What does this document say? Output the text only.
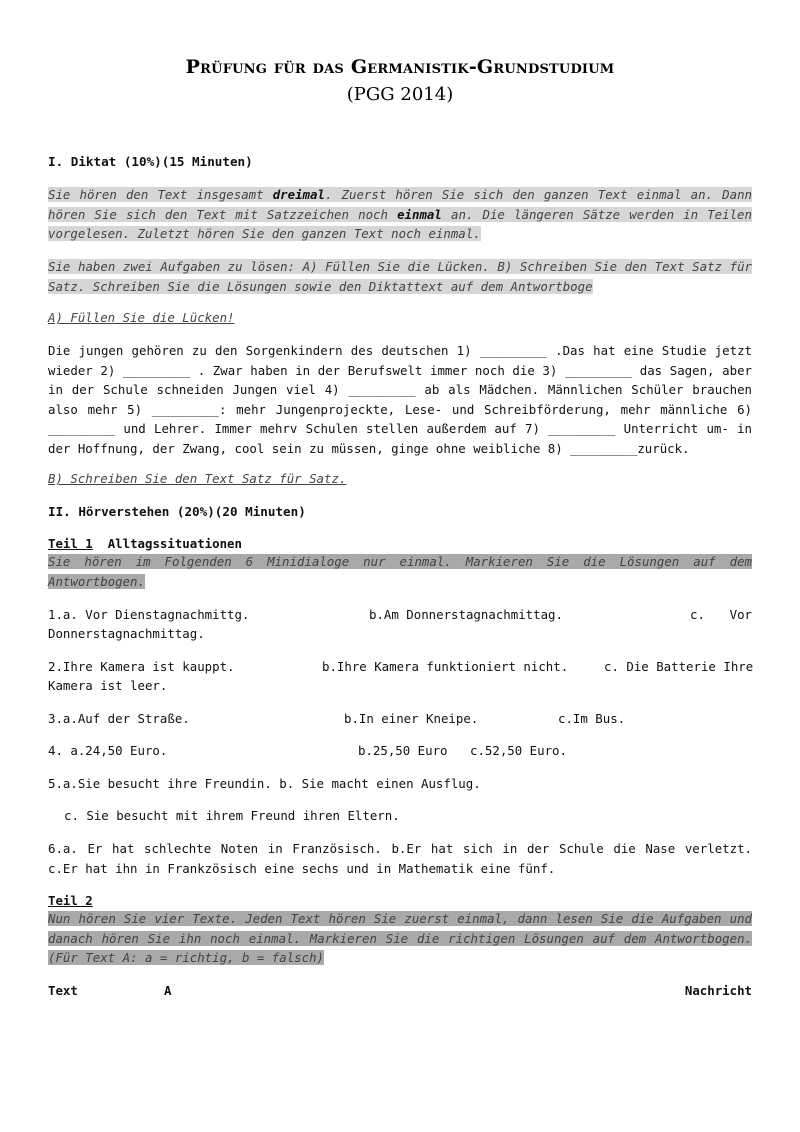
Prüfung für das Germanistik-Grundstudium
(PGG 2014)
I. Diktat (10%)(15 Minuten)
Sie hören den Text insgesamt dreimal. Zuerst hören Sie sich den ganzen Text einmal an. Dann hören Sie sich den Text mit Satzzeichen noch einmal an. Die längeren Sätze werden in Teilen vorgelesen. Zuletzt hören Sie den ganzen Text noch einmal.
Sie haben zwei Aufgaben zu lösen: A) Füllen Sie die Lücken. B) Schreiben Sie den Text Satz für Satz. Schreiben Sie die Lösungen sowie den Diktattext auf dem Antwortboge
A) Füllen Sie die Lücken!
Die jungen gehören zu den Sorgenkindern des deutschen 1) _________ .Das hat eine Studie jetzt wieder 2) _________ . Zwar haben in der Berufswelt immer noch die 3) _________ das Sagen, aber in der Schule schneiden Jungen viel 4) _________ ab als Mädchen. Männlichen Schüler brauchen also mehr 5) _________: mehr Jungenprojeckte, Lese- und Schreibförderung, mehr männliche 6) _________ und Lehrer. Immer mehrv Schulen stellen außerdem auf 7) _________ Unterricht um- in der Hoffnung, der Zwang, cool sein zu müssen, ginge ohne weibliche 8) _________zurück.
B) Schreiben Sie den Text Satz für Satz.
II. Hörverstehen (20%)(20 Minuten)
Teil 1 Alltagssituationen
Sie hören im Folgenden 6 Minidialoge nur einmal. Markieren Sie die Lösungen auf dem Antwortbogen.
1.a. Vor Dienstagnachmittg.	b.Am Donnerstagnachmittag.	c. Vor
Donnerstagnachmittag.
2.Ihre Kamera ist kauppt.	b.Ihre Kamera funktioniert nicht.	c. Die Batterie Ihre
Kamera ist leer.
3.a.Auf der Straße.	b.In einer Kneipe.	c.Im Bus.
4. a.24,50 Euro.	b.25,50 Euro c.52,50 Euro.
5.a.Sie besucht ihre Freundin. b. Sie macht einen Ausflug.
c. Sie besucht mit ihrem Freund ihren Eltern.
6.a. Er hat schlechte Noten in Französisch. b.Er hat sich in der Schule die Nase verletzt. c.Er hat ihn in Frankzösisch eine sechs und in Mathematik eine fünf.
Teil 2
Nun hören Sie vier Texte. Jeden Text hören Sie zuerst einmal, dann lesen Sie die Aufgaben und danach hören Sie ihn noch einmal. Markieren Sie die richtigen Lösungen auf dem Antwortbogen.(Für Text A: a = richtig, b = falsch)
Text	A	Nachricht
